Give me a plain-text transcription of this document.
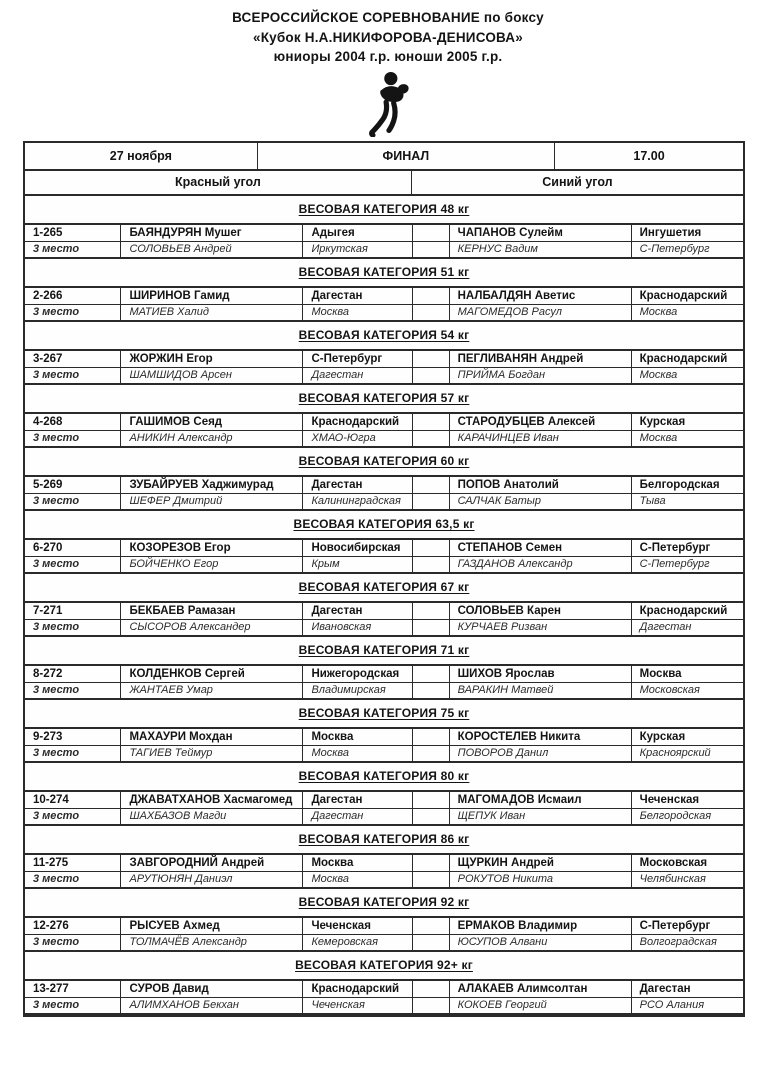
ВСЕРОССИЙСКОЕ СОРЕВНОВАНИЕ по боксу
«Кубок Н.А.НИКИФОРОВА-ДЕНИСОВА»
юниоры 2004 г.р. юноши 2005 г.р.
27 ноября	ФИНАЛ	17.00
Красный угол	Синий угол
ВЕСОВАЯ КАТЕГОРИЯ 48 кг
1-265	БАЯНДУРЯН Мушег	Адыгея	ЧАПАНОВ Сулейм	Ингушетия
3 место	СОЛОВЬЕВ Андрей	Иркутская	КЕРНУС Вадим	С-Петербург
ВЕСОВАЯ КАТЕГОРИЯ 51 кг
2-266	ШИРИНОВ Гамид	Дагестан	НАЛБАЛДЯН Аветис	Краснодарский
3 место	МАТИЕВ Халид	Москва	МАГОМЕДОВ Расул	Москва
ВЕСОВАЯ КАТЕГОРИЯ 54 кг
3-267	ЖОРЖИН Егор	С-Петербург	ПЕГЛИВАНЯН Андрей	Краснодарский
3 место	ШАМШИДОВ Арсен	Дагестан	ПРИЙМА Богдан	Москва
ВЕСОВАЯ КАТЕГОРИЯ 57 кг
4-268	ГАШИМОВ Сеяд	Краснодарский	СТАРОДУБЦЕВ Алексей	Курская
3 место	АНИКИН Александр	ХМАО-Югра	КАРАЧИНЦЕВ Иван	Москва
ВЕСОВАЯ КАТЕГОРИЯ 60 кг
5-269	ЗУБАЙРУЕВ Хаджимурад	Дагестан	ПОПОВ Анатолий	Белгородская
3 место	ШЕФЕР Дмитрий	Калининградская	САЛЧАК Батыр	Тыва
ВЕСОВАЯ КАТЕГОРИЯ 63,5 кг
6-270	КОЗОРЕЗОВ Егор	Новосибирская	СТЕПАНОВ Семен	С-Петербург
3 место	БОЙЧЕНКО Егор	Крым	ГАЗДАНОВ Александр	С-Петербург
ВЕСОВАЯ КАТЕГОРИЯ 67 кг
7-271	БЕКБАЕВ Рамазан	Дагестан	СОЛОВЬЕВ Карен	Краснодарский
3 место	СЫСОРОВ Александер	Ивановская	КУРЧАЕВ Ризван	Дагестан
ВЕСОВАЯ КАТЕГОРИЯ 71 кг
8-272	КОЛДЕНКОВ Сергей	Нижегородская	ШИХОВ Ярослав	Москва
3 место	ЖАНТАЕВ Умар	Владимирская	ВАРАКИН Матвей	Московская
ВЕСОВАЯ КАТЕГОРИЯ 75 кг
9-273	МАХАУРИ Мохдан	Москва	КОРОСТЕЛЕВ Никита	Курская
3 место	ТАГИЕВ Теймур	Москва	ПОВОРОВ Данил	Красноярский
ВЕСОВАЯ КАТЕГОРИЯ 80 кг
10-274	ДЖАВАТХАНОВ Хасмагомед	Дагестан	МАГОМАДОВ Исмаил	Чеченская
3 место	ШАХБАЗОВ Магди	Дагестан	ЩЕПУК Иван	Белгородская
ВЕСОВАЯ КАТЕГОРИЯ 86 кг
11-275	ЗАВГОРОДНИЙ Андрей	Москва	ЩУРКИН Андрей	Московская
3 место	АРУТЮНЯН Даниэл	Москва	РОКУТОВ Никита	Челябинская
ВЕСОВАЯ КАТЕГОРИЯ 92 кг
12-276	РЫСУЕВ Ахмед	Чеченская	ЕРМАКОВ Владимир	С-Петербург
3 место	ТОЛМАЧЁВ Александр	Кемеровская	ЮСУПОВ Алвани	Волгоградская
ВЕСОВАЯ КАТЕГОРИЯ 92+ кг
13-277	СУРОВ Давид	Краснодарский	АЛАКАЕВ Алимсолтан	Дагестан
3 место	АЛИМХАНОВ Бекхан	Чеченская	КОКОЕВ Георгий	РСО Алания
